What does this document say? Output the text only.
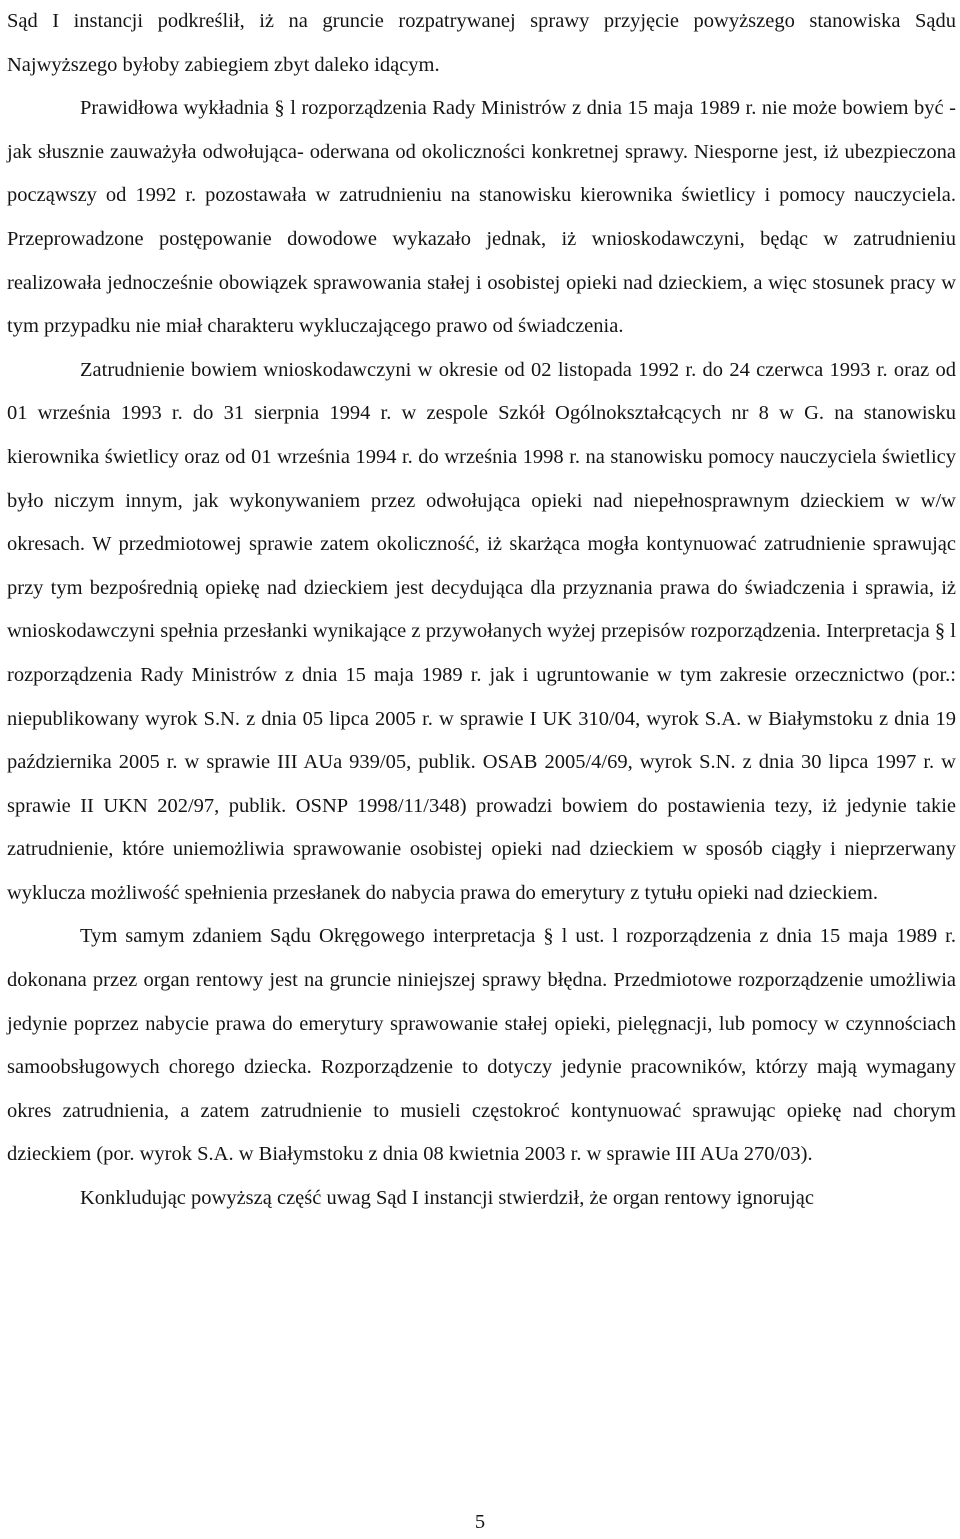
Sąd I instancji podkreślił, iż na gruncie rozpatrywanej sprawy przyjęcie powyższego stanowiska Sądu Najwyższego byłoby zabiegiem zbyt daleko idącym.

Prawidłowa wykładnia § l rozporządzenia Rady Ministrów z dnia 15 maja 1989 r. nie może bowiem być - jak słusznie zauważyła odwołująca- oderwana od okoliczności konkretnej sprawy. Niesporne jest, iż ubezpieczona począwszy od 1992 r. pozostawała w zatrudnieniu na stanowisku kierownika świetlicy i pomocy nauczyciela. Przeprowadzone postępowanie dowodowe wykazało jednak, iż wnioskodawczyni, będąc w zatrudnieniu realizowała jednocześnie obowiązek sprawowania stałej i osobistej opieki nad dzieckiem, a więc stosunek pracy w tym przypadku nie miał charakteru wykluczającego prawo od świadczenia.

Zatrudnienie bowiem wnioskodawczyni w okresie od 02 listopada 1992 r. do 24 czerwca 1993 r. oraz od 01 września 1993 r. do 31 sierpnia 1994 r. w zespole Szkół Ogólnokształcących nr 8 w G. na stanowisku kierownika świetlicy oraz od 01 września 1994 r. do września 1998 r. na stanowisku pomocy nauczyciela świetlicy było niczym innym, jak wykonywaniem przez odwołująca opieki nad niepełnosprawnym dzieckiem w w/w okresach. W przedmiotowej sprawie zatem okoliczność, iż skarżąca mogła kontynuować zatrudnienie sprawując przy tym bezpośrednią opiekę nad dzieckiem jest decydująca dla przyznania prawa do świadczenia i sprawia, iż wnioskodawczyni spełnia przesłanki wynikające z przywołanych wyżej przepisów rozporządzenia. Interpretacja § l rozporządzenia Rady Ministrów z dnia 15 maja 1989 r. jak i ugruntowanie w tym zakresie orzecznictwo (por.: niepublikowany wyrok S.N. z dnia 05 lipca 2005 r. w sprawie I UK 310/04, wyrok S.A. w Białymstoku z dnia 19 października 2005 r. w sprawie III AUa 939/05, publik. OSAB 2005/4/69, wyrok S.N. z dnia 30 lipca 1997 r. w sprawie II UKN 202/97, publik. OSNP 1998/11/348) prowadzi bowiem do postawienia tezy, iż jedynie takie zatrudnienie, które uniemożliwia sprawowanie osobistej opieki nad dzieckiem w sposób ciągły i nieprzerwany wyklucza możliwość spełnienia przesłanek do nabycia prawa do emerytury z tytułu opieki nad dzieckiem.

Tym samym zdaniem Sądu Okręgowego interpretacja § l ust. l rozporządzenia z dnia 15 maja 1989 r. dokonana przez organ rentowy jest na gruncie niniejszej sprawy błędna. Przedmiotowe rozporządzenie umożliwia jedynie poprzez nabycie prawa do emerytury sprawowanie stałej opieki, pielęgnacji, lub pomocy w czynnościach samoobsługowych chorego dziecka. Rozporządzenie to dotyczy jedynie pracowników, którzy mają wymagany okres zatrudnienia, a zatem zatrudnienie to musieli częstokroć kontynuować sprawując opiekę nad chorym dzieckiem (por. wyrok S.A. w Białymstoku z dnia 08 kwietnia 2003 r. w sprawie III AUa 270/03).

Konkludując powyższą część uwag Sąd I instancji stwierdził, że organ rentowy ignorując

5
